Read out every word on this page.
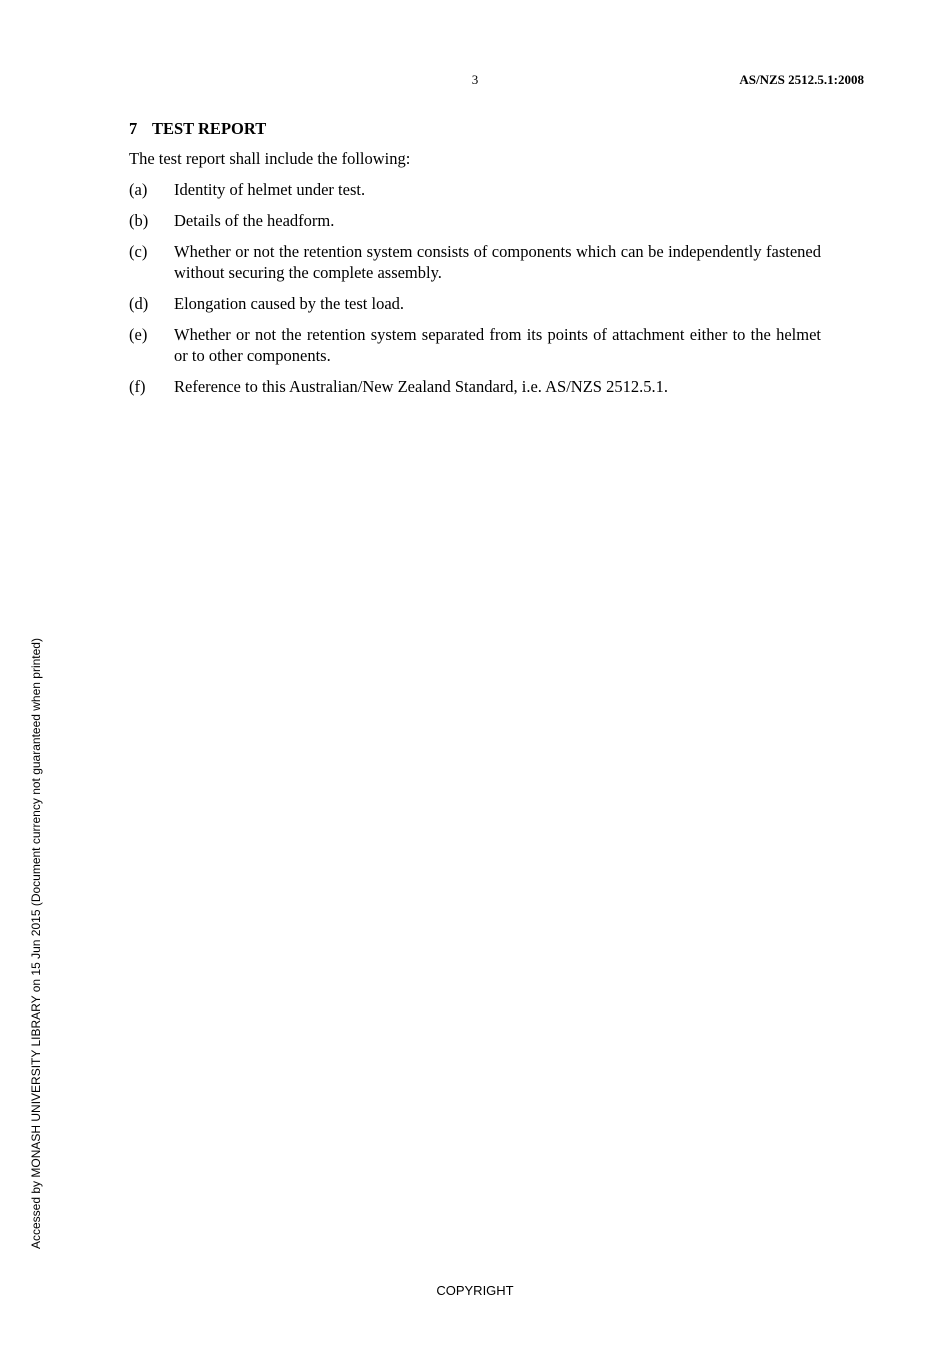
3	AS/NZS 2512.5.1:2008
7 TEST REPORT

The test report shall include the following:

(a)	Identity of helmet under test.
(b)	Details of the headform.
(c)	Whether or not the retention system consists of components which can be independently fastened without securing the complete assembly.
(d)	Elongation caused by the test load.
(e)	Whether or not the retention system separated from its points of attachment either to the helmet or to other components.
(f)	Reference to this Australian/New Zealand Standard, i.e. AS/NZS 2512.5.1.
Accessed by MONASH UNIVERSITY LIBRARY on 15 Jun 2015 (Document currency not guaranteed when printed)
COPYRIGHT
